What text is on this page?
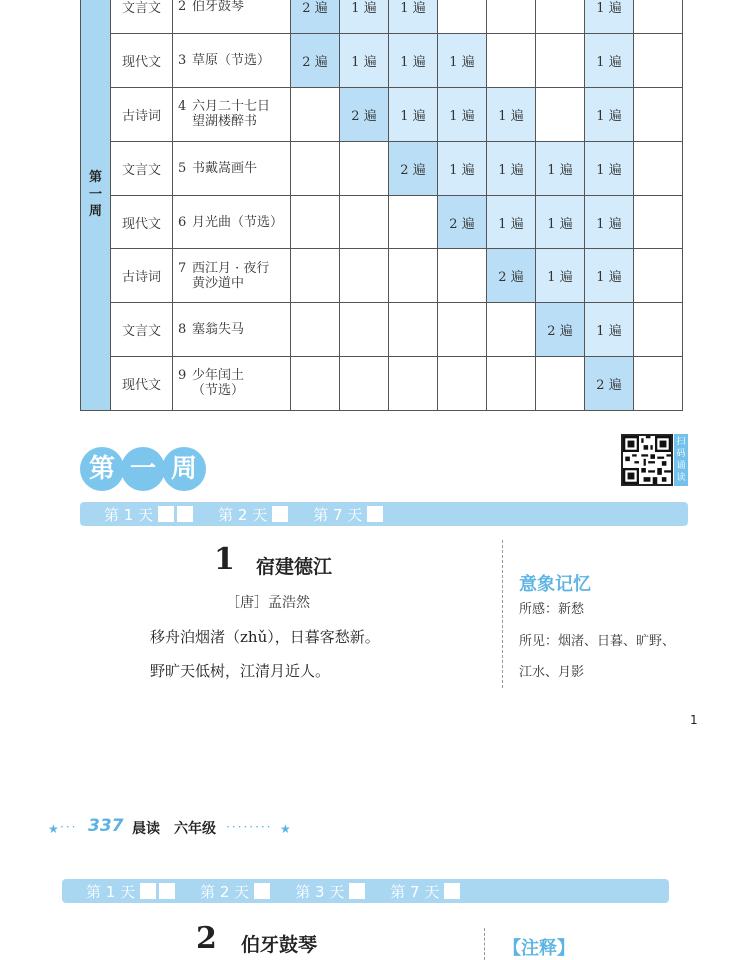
第
一
周	文言文	2 伯牙鼓琴	2 遍	1 遍	1 遍				1 遍	
	现代文	3 草原（节选）	2 遍	1 遍	1 遍	1 遍			1 遍	
	古诗词	4 六月二十七日
望湖楼醉书		2 遍	1 遍	1 遍	1 遍		1 遍	
	文言文	5 书戴嵩画牛			2 遍	1 遍	1 遍	1 遍	1 遍	
	现代文	6 月光曲（节选）				2 遍	1 遍	1 遍	1 遍	
	古诗词	7 西江月 · 夜行
黄沙道中					2 遍	1 遍	1 遍	
	文言文	8 塞翁失马						2 遍	1 遍	
	现代文	9 少年闰土
（节选）							2 遍	
第 一 周
扫
码
诵
读
第 1 天	第 2 天	第 7 天
1 宿建德江
［唐］孟浩然
移舟泊烟渚（zhǔ），日暮客愁新。
野旷天低树，江清月近人。
意象记忆
所感：新愁
所见：烟渚、日暮、旷野、
江水、月影
1
★ ··· 337 晨读 六年级 ········ ★
第 1 天	第 2 天	第 3 天	第 7 天
2 伯牙鼓琴	【注释】
